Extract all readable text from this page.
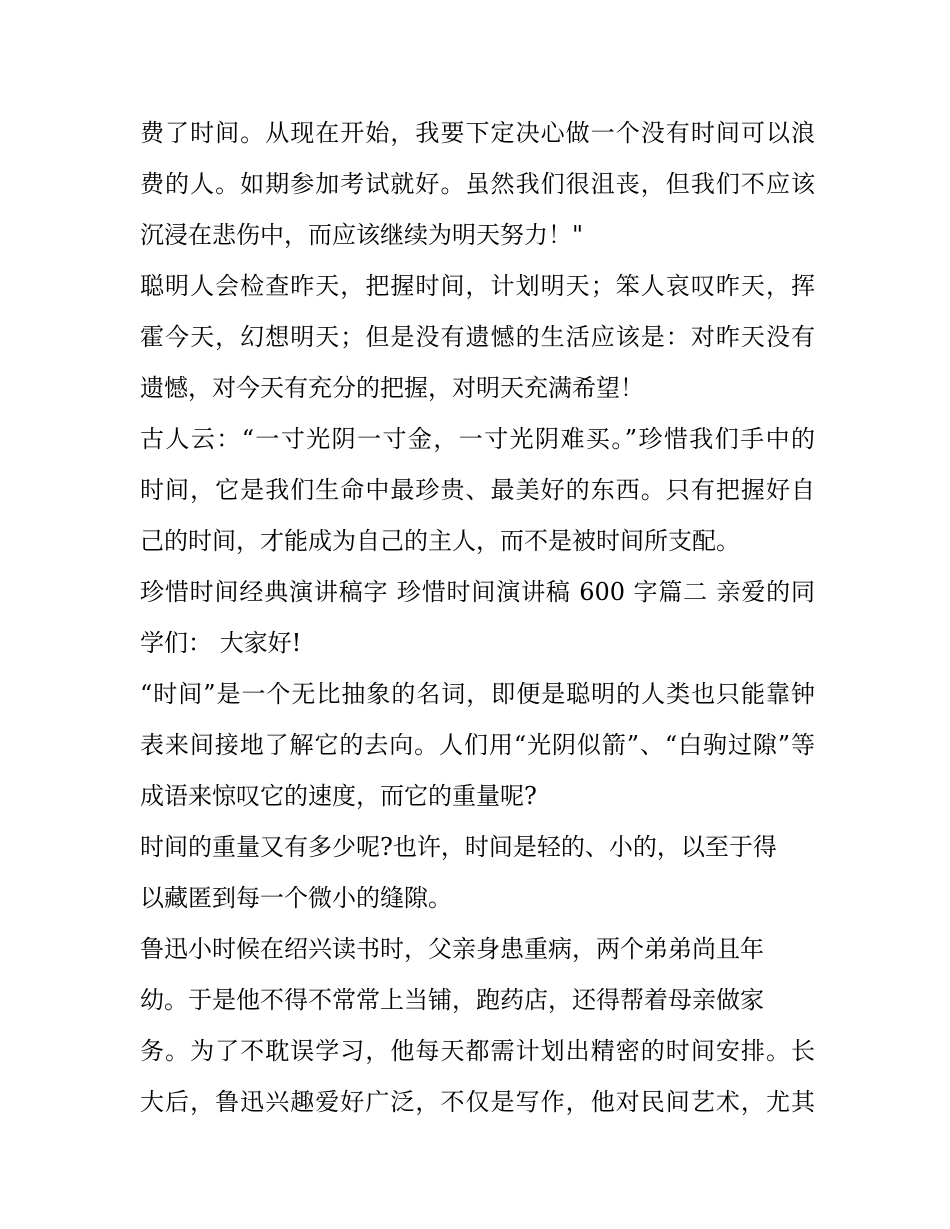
费了时间。从现在开始，我要下定决心做一个没有时间可以浪
费的人。如期参加考试就好。虽然我们很沮丧，但我们不应该
沉浸在悲伤中，而应该继续为明天努力！"
聪明人会检查昨天，把握时间，计划明天；笨人哀叹昨天，挥
霍今天，幻想明天；但是没有遗憾的生活应该是：对昨天没有
遗憾，对今天有充分的把握，对明天充满希望！
古人云：“一寸光阴一寸金，一寸光阴难买。”珍惜我们手中的
时间，它是我们生命中最珍贵、最美好的东西。只有把握好自
己的时间，才能成为自己的主人，而不是被时间所支配。
珍惜时间经典演讲稿字 珍惜时间演讲稿 600 字篇二 亲爱的同
学们： 大家好!
“时间”是一个无比抽象的名词，即便是聪明的人类也只能靠钟
表来间接地了解它的去向。人们用“光阴似箭”、“白驹过隙”等
成语来惊叹它的速度，而它的重量呢?
时间的重量又有多少呢?也许，时间是轻的、小的，以至于得
以藏匿到每一个微小的缝隙。
鲁迅小时候在绍兴读书时，父亲身患重病，两个弟弟尚且年
幼。于是他不得不常常上当铺，跑药店，还得帮着母亲做家
务。为了不耽误学习，他每天都需计划出精密的时间安排。长
大后，鲁迅兴趣爱好广泛，不仅是写作，他对民间艺术，尤其
